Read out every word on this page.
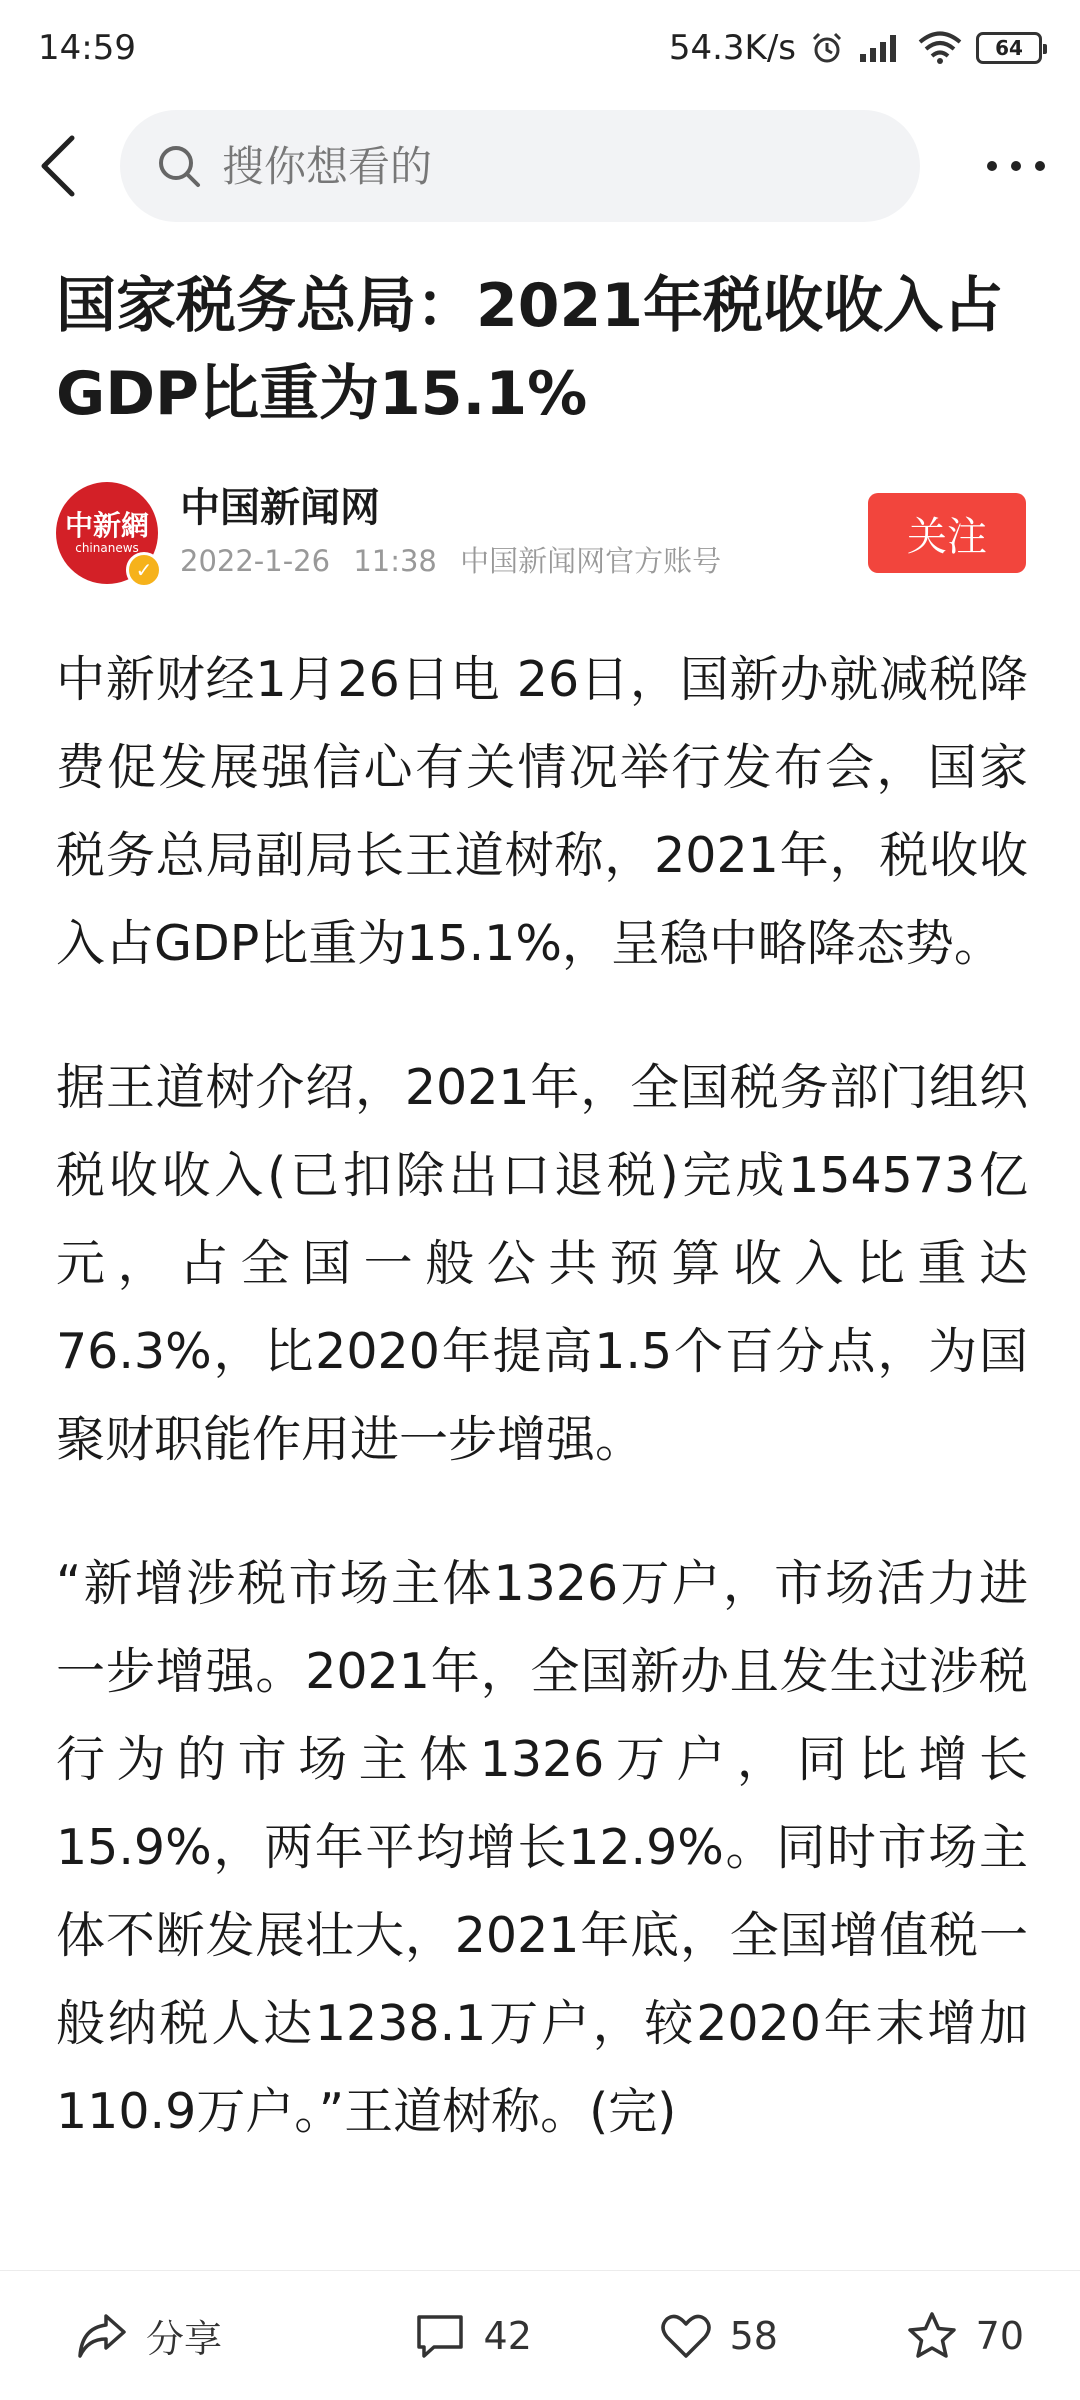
14:59	54.3K/s	64
搜你想看的
国家税务总局：2021年税收收入占GDP比重为15.1%
中新網
chinanews
✓
中国新闻网
2022-1-26 11:38 中国新闻网官方账号
关注

中新财经1月26日电 26日，国新办就减税降费促发展强信心有关情况举行发布会，国家税务总局副局长王道树称，2021年，税收收入占GDP比重为15.1%，呈稳中略降态势。

据王道树介绍，2021年，全国税务部门组织税收收入(已扣除出口退税)完成154573亿元，占全国一般公共预算收入比重达76.3%，比2020年提高1.5个百分点，为国聚财职能作用进一步增强。

“新增涉税市场主体1326万户，市场活力进一步增强。2021年，全国新办且发生过涉税行为的市场主体1326万户，同比增长15.9%，两年平均增长12.9%。同时市场主体不断发展壮大，2021年底，全国增值税一般纳税人达1238.1万户，较2020年末增加110.9万户。”王道树称。(完)

分享	42	58	70
